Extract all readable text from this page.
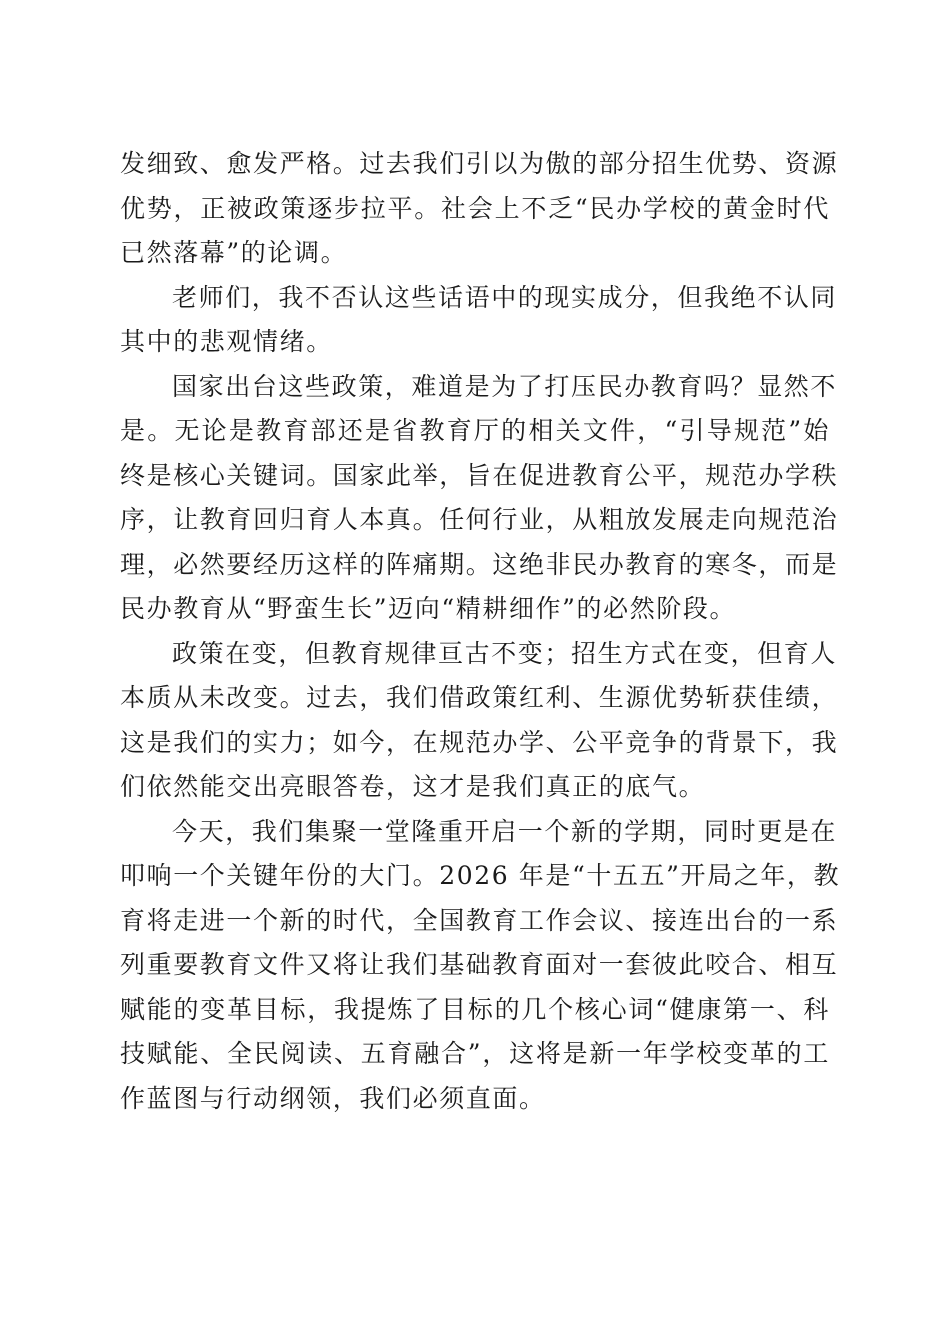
发细致、愈发严格。过去我们引以为傲的部分招生优势、资源
优势，正被政策逐步拉平。社会上不乏“民办学校的黄金时代
已然落幕”的论调。
老师们，我不否认这些话语中的现实成分，但我绝不认同
其中的悲观情绪。
国家出台这些政策，难道是为了打压民办教育吗？显然不
是。无论是教育部还是省教育厅的相关文件，“引导规范”始
终是核心关键词。国家此举，旨在促进教育公平，规范办学秩
序，让教育回归育人本真。任何行业，从粗放发展走向规范治
理，必然要经历这样的阵痛期。这绝非民办教育的寒冬，而是
民办教育从“野蛮生长”迈向“精耕细作”的必然阶段。
政策在变，但教育规律亘古不变；招生方式在变，但育人
本质从未改变。过去，我们借政策红利、生源优势斩获佳绩，
这是我们的实力；如今，在规范办学、公平竞争的背景下，我
们依然能交出亮眼答卷，这才是我们真正的底气。
今天，我们集聚一堂隆重开启一个新的学期，同时更是在
叩响一个关键年份的大门。2026 年是“十五五”开局之年，教
育将走进一个新的时代，全国教育工作会议、接连出台的一系
列重要教育文件又将让我们基础教育面对一套彼此咬合、相互
赋能的变革目标，我提炼了目标的几个核心词“健康第一、科
技赋能、全民阅读、五育融合”，这将是新一年学校变革的工
作蓝图与行动纲领，我们必须直面。
